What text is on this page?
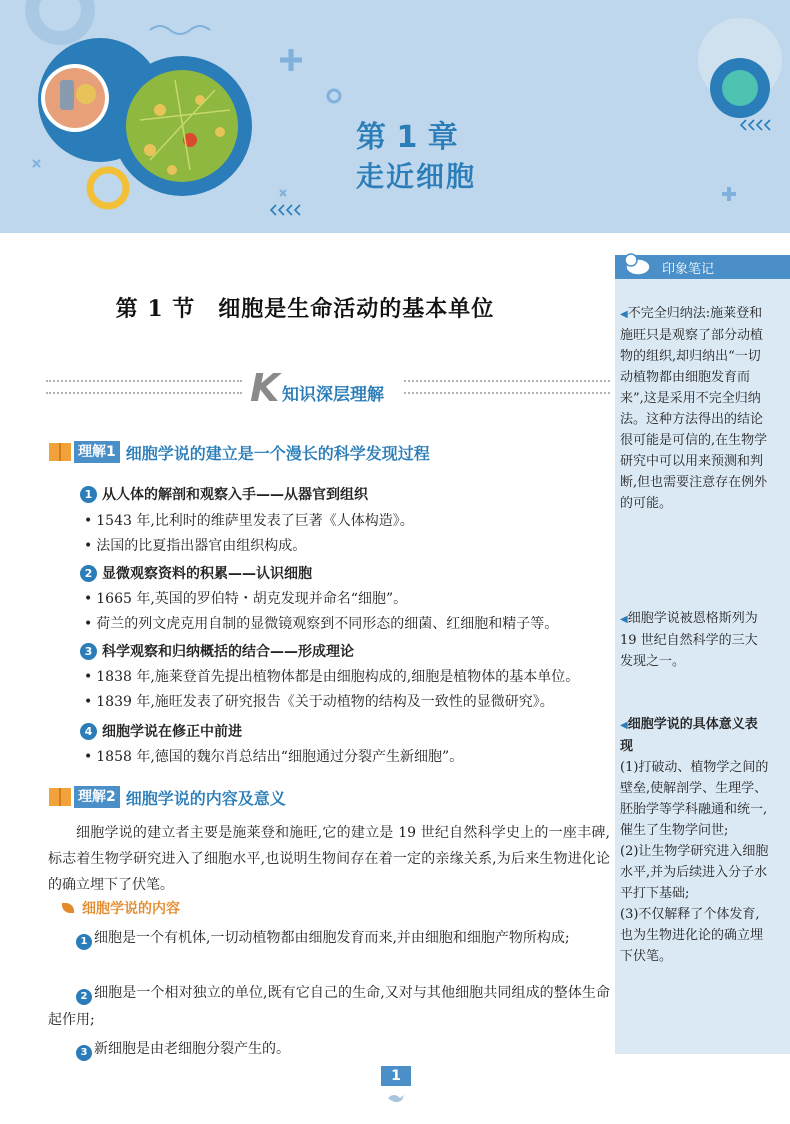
第 1 章
走近细胞
第 1 节　细胞是生命活动的基本单位
K 知识深层理解
理解1 细胞学说的建立是一个漫长的科学发现过程
1 从人体的解剖和观察入手——从器官到组织
• 1543 年,比利时的维萨里发表了巨著《人体构造》。
• 法国的比夏指出器官由组织构成。
2 显微观察资料的积累——认识细胞
• 1665 年,英国的罗伯特・胡克发现并命名“细胞”。
• 荷兰的列文虎克用自制的显微镜观察到不同形态的细菌、红细胞和精子等。
3 科学观察和归纳概括的结合——形成理论
• 1838 年,施莱登首先提出植物体都是由细胞构成的,细胞是植物体的基本单位。
• 1839 年,施旺发表了研究报告《关于动植物的结构及一致性的显微研究》。
4 细胞学说在修正中前进
• 1858 年,德国的魏尔肖总结出“细胞通过分裂产生新细胞”。
理解2 细胞学说的内容及意义
细胞学说的建立者主要是施莱登和施旺,它的建立是 19 世纪自然科学史上的一座丰碑,标志着生物学研究进入了细胞水平,也说明生物间存在着一定的亲缘关系,为后来生物进化论的确立埋下了伏笔。
细胞学说的内容
1 细胞是一个有机体,一切动植物都由细胞发育而来,并由细胞和细胞产物所构成;
2 细胞是一个相对独立的单位,既有它自己的生命,又对与其他细胞共同组成的整体生命起作用;
3 新细胞是由老细胞分裂产生的。
印象笔记
◀不完全归纳法:施莱登和施旺只是观察了部分动植物的组织,却归纳出“一切动植物都由细胞发育而来”,这是采用不完全归纳法。这种方法得出的结论很可能是可信的,在生物学研究中可以用来预测和判断,但也需要注意存在例外的可能。
◀细胞学说被恩格斯列为 19 世纪自然科学的三大发现之一。
◀细胞学说的具体意义表现
(1)打破动、植物学之间的壁垒,使解剖学、生理学、胚胎学等学科融通和统一,催生了生物学问世;
(2)让生物学研究进入细胞水平,并为后续进入分子水平打下基础;
(3)不仅解释了个体发育,也为生物进化论的确立埋下伏笔。
1
